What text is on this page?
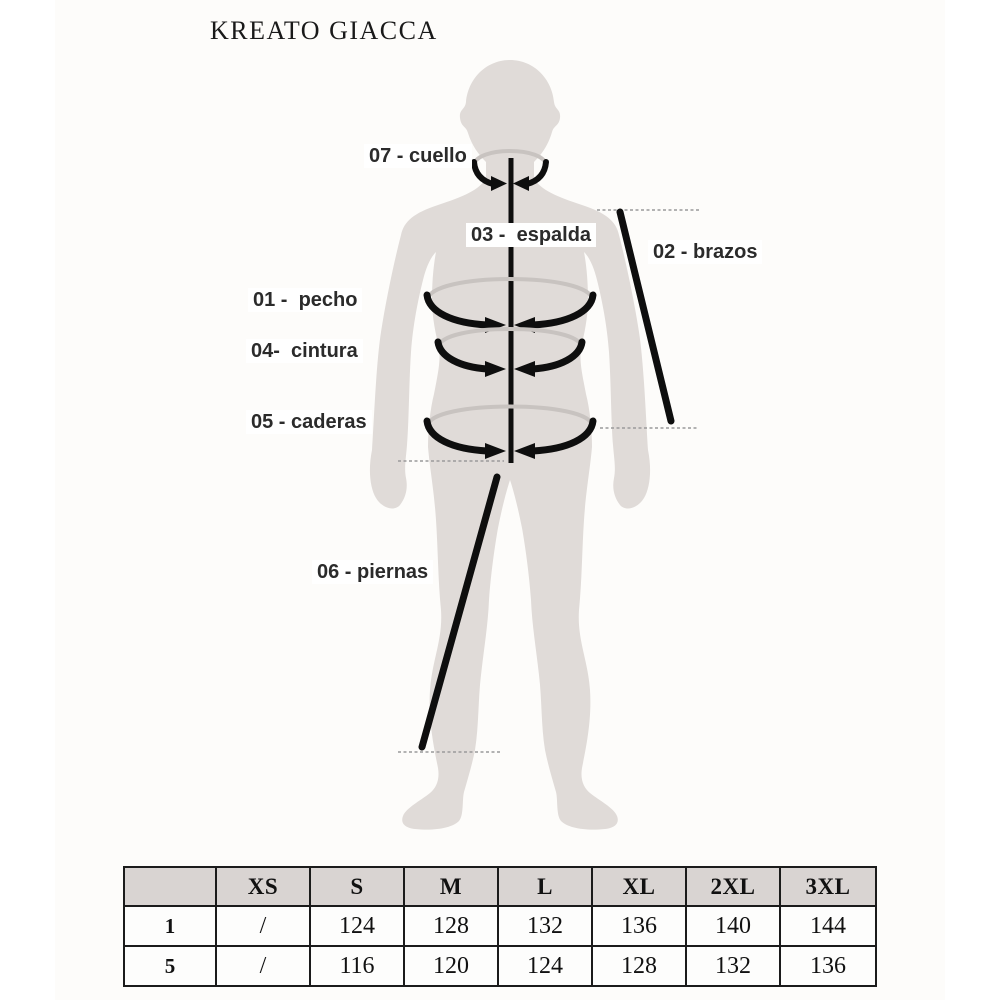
KREATO GIACCA
07 - cuello
03 -  espalda
02 - brazos
01 -  pecho
04-  cintura
05 - caderas
06 - piernas
	XS	S	M	L	XL	2XL	3XL
1	/	124	128	132	136	140	144
5	/	116	120	124	128	132	136
